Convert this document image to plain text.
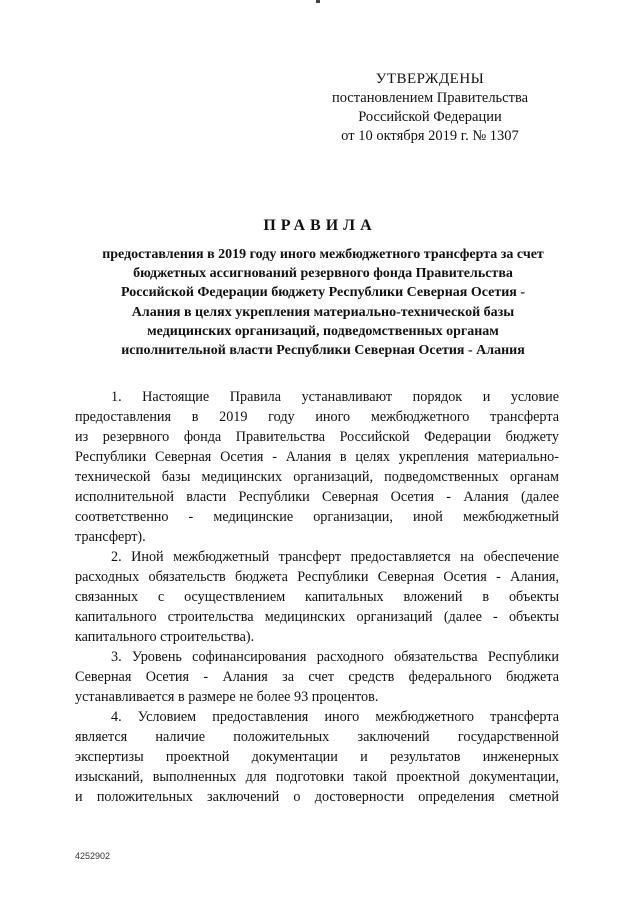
УТВЕРЖДЕНЫ
постановлением Правительства
Российской Федерации
от 10 октября 2019 г. № 1307
ПРАВИЛА
предоставления в 2019 году иного межбюджетного трансферта за счет
бюджетных ассигнований резервного фонда Правительства
Российской Федерации бюджету Республики Северная Осетия -
Алания в целях укрепления материально-технической базы
медицинских организаций, подведомственных органам
исполнительной власти Республики Северная Осетия - Алания
1. Настоящие Правила устанавливают порядок и условие
предоставления в 2019 году иного межбюджетного трансферта
из резервного фонда Правительства Российской Федерации бюджету
Республики Северная Осетия - Алания в целях укрепления материально-
технической базы медицинских организаций, подведомственных органам
исполнительной власти Республики Северная Осетия - Алания (далее
соответственно - медицинские организации, иной межбюджетный
трансферт).
2. Иной межбюджетный трансферт предоставляется на обеспечение
расходных обязательств бюджета Республики Северная Осетия - Алания,
связанных с осуществлением капитальных вложений в объекты
капитального строительства медицинских организаций (далее - объекты
капитального строительства).
3. Уровень софинансирования расходного обязательства Республики
Северная Осетия - Алания за счет средств федерального бюджета
устанавливается в размере не более 93 процентов.
4. Условием предоставления иного межбюджетного трансферта
является наличие положительных заключений государственной
экспертизы проектной документации и результатов инженерных
изысканий, выполненных для подготовки такой проектной документации,
и положительных заключений о достоверности определения сметной
4252902
